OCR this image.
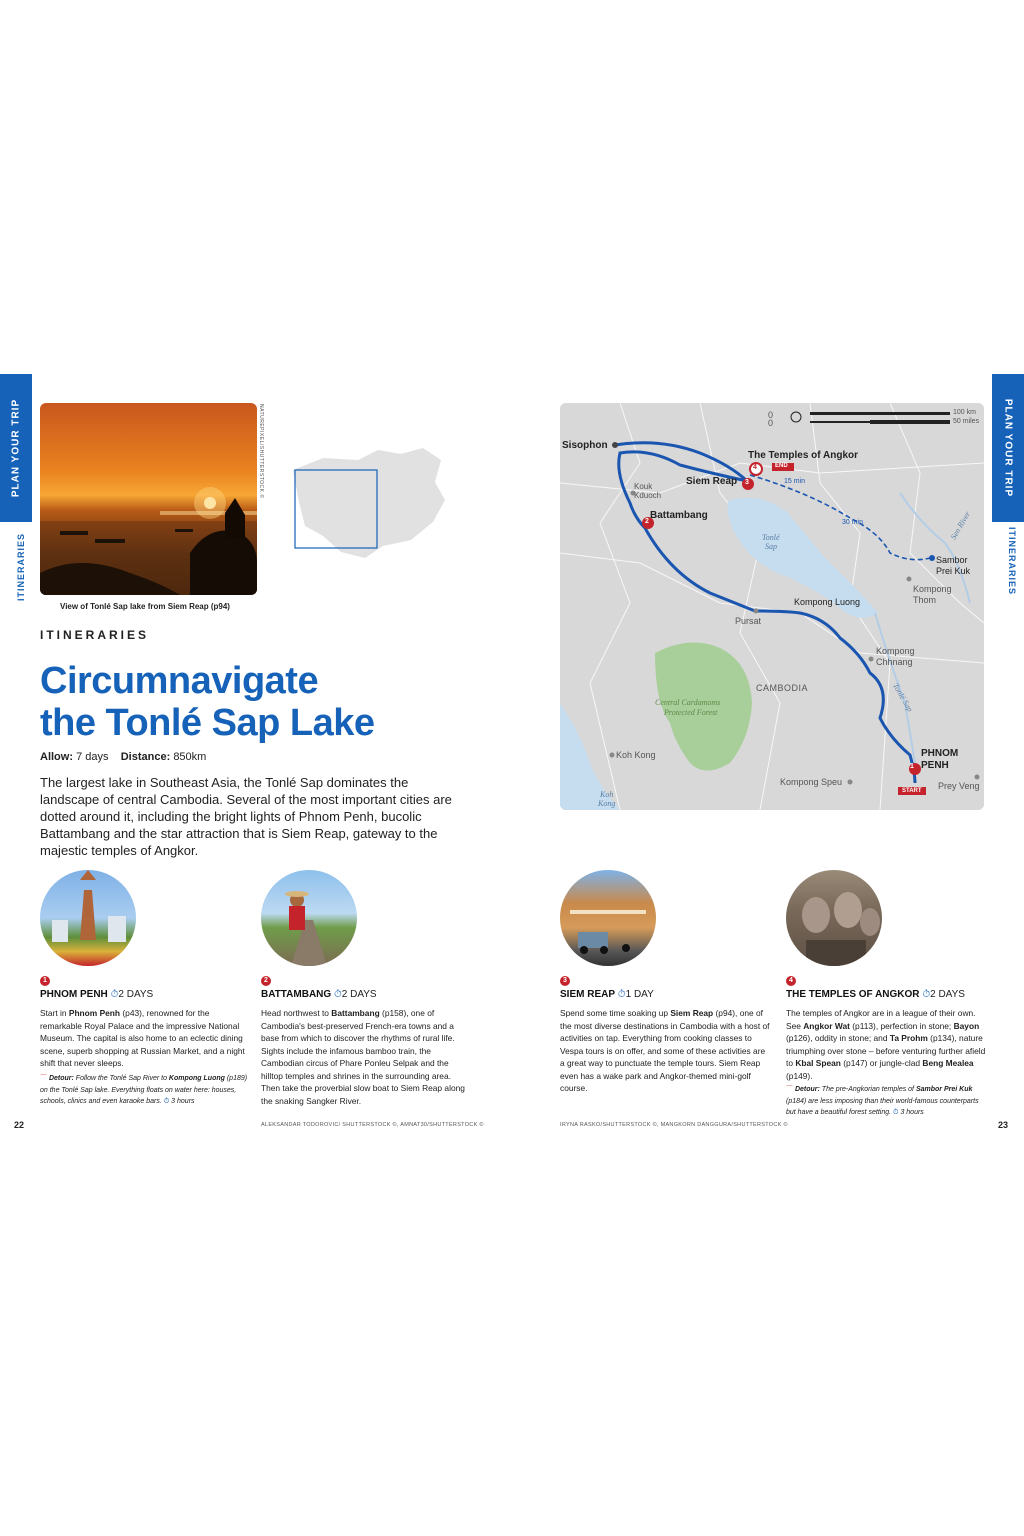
PLAN YOUR TRIP
ITINERARIES
PLAN YOUR TRIP
ITINERARIES
NATUREPIXEL/SHUTTERSTOCK ©
View of Tonlé Sap lake from Siem Reap (p94)
ITINERARIES
Circumnavigate
the Tonlé Sap Lake
Allow: 7 days Distance: 850km
The largest lake in Southeast Asia, the Tonlé Sap dominates the landscape of central Cambodia. Several of the most important cities are dotted around it, including the bright lights of Phnom Penh, bucolic Battambang and the star attraction that is Siem Reap, gateway to the majestic temples of Angkor.
0
0
100 km
50 miles
Sisophon
Kouk
Kduoch
Battambang
Siem Reap
The Temples of Angkor
END
START
Tonlé
Sap
Sen River
Tonlé Sap
15 min
30 min
Sambor
Prei Kuk
Kompong
Thom
Kompong Luong
Pursat
Kompong
Chhnang
CAMBODIA
Central Cardamoms
Protected Forest
Koh Kong
Koh
Kong
Kompong Speu
PHNOM
PENH
Prey Veng
1
2
3
4
1
PHNOM PENH ⏱2 DAYS
Start in Phnom Penh (p43), renowned for the remarkable Royal Palace and the impressive National Museum. The capital is also home to an eclectic dining scene, superb shopping at Russian Market, and a night shift that never sleeps.
⌒ Detour: Follow the Tonlé Sap River to Kompong Luong (p189) on the Tonlé Sap lake. Everything floats on water here: houses, schools, clinics and even karaoke bars. ⏱ 3 hours
2
BATTAMBANG ⏱2 DAYS
Head northwest to Battambang (p158), one of Cambodia's best-preserved French-era towns and a base from which to discover the rhythms of rural life. Sights include the infamous bamboo train, the Cambodian circus of Phare Ponleu Selpak and the hilltop temples and shrines in the surrounding area. Then take the proverbial slow boat to Siem Reap along the snaking Sangker River.
3
SIEM REAP ⏱1 DAY
Spend some time soaking up Siem Reap (p94), one of the most diverse destinations in Cambodia with a host of activities on tap. Everything from cooking classes to Vespa tours is on offer, and some of these activities are a great way to punctuate the temple tours. Siem Reap even has a wake park and Angkor-themed mini-golf course.
4
THE TEMPLES OF ANGKOR ⏱2 DAYS
The temples of Angkor are in a league of their own. See Angkor Wat (p113), perfection in stone; Bayon (p126), oddity in stone; and Ta Prohm (p134), nature triumphing over stone – before venturing further afield to Kbal Spean (p147) or jungle-clad Beng Mealea (p149).
⌒ Detour: The pre-Angkorian temples of Sambor Prei Kuk (p184) are less imposing than their world-famous counterparts but have a beautiful forest setting. ⏱ 3 hours
22	23
ALEKSANDAR TODOROVIC/ SHUTTERSTOCK ©, AMNAT30/SHUTTERSTOCK ©	IRYNA RASKO/SHUTTERSTOCK ©, MANGKORN DANGGURA/SHUTTERSTOCK ©
